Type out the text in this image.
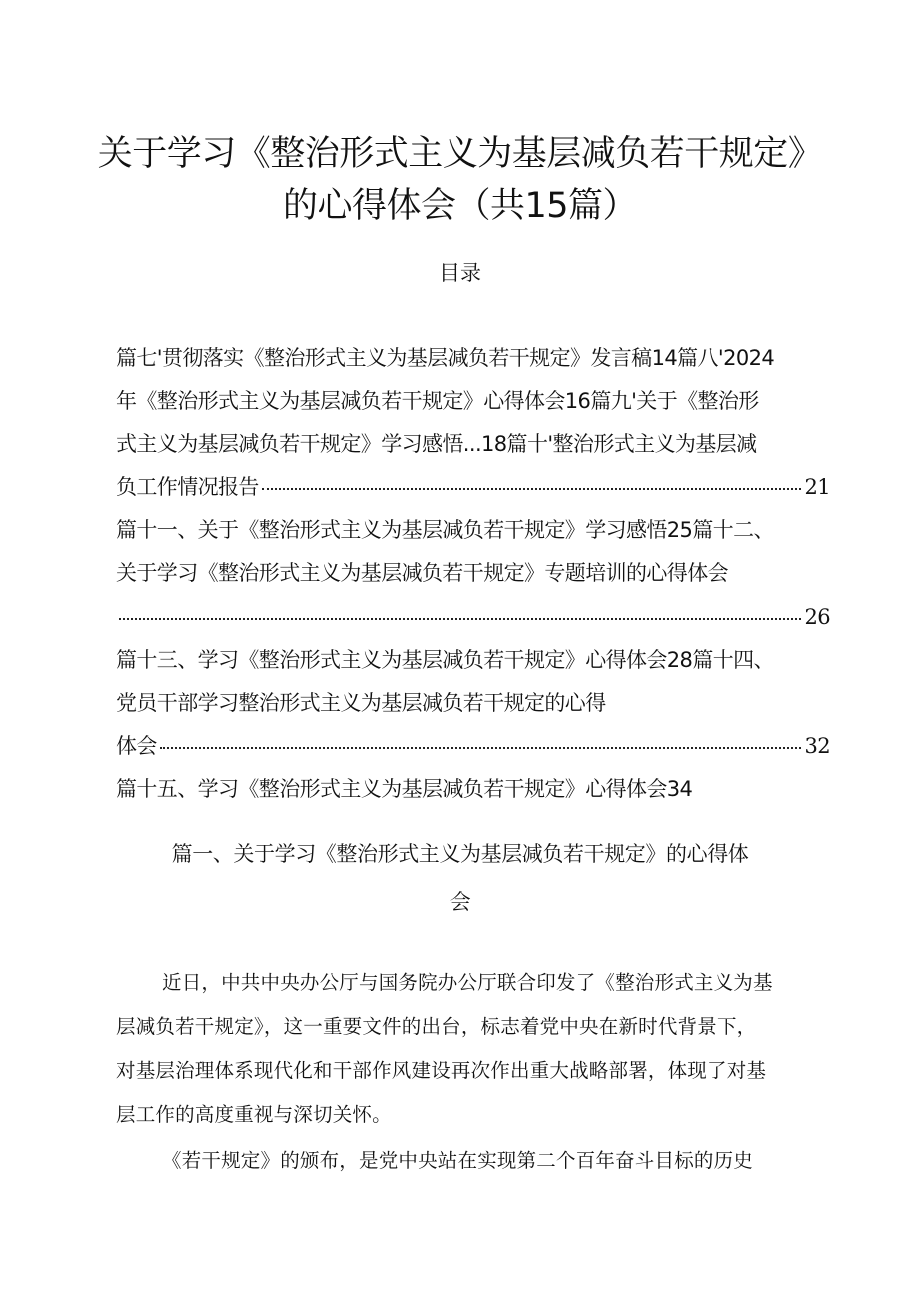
关于学习《整治形式主义为基层减负若干规定》
的心得体会（共15篇）
目录
篇七'贯彻落实《整治形式主义为基层减负若干规定》发言稿14篇八'2024
年《整治形式主义为基层减负若干规定》心得体会16篇九'关于《整治形
式主义为基层减负若干规定》学习感悟...18篇十'整治形式主义为基层减
负工作情况报告	21
篇十一、关于《整治形式主义为基层减负若干规定》学习感悟25篇十二、
关于学习《整治形式主义为基层减负若干规定》专题培训的心得体会
26
篇十三、学习《整治形式主义为基层减负若干规定》心得体会28篇十四、
党员干部学习整治形式主义为基层减负若干规定的心得
体会	32
篇十五、学习《整治形式主义为基层减负若干规定》心得体会34
篇一、关于学习《整治形式主义为基层减负若干规定》的心得体
会
近日，中共中央办公厅与国务院办公厅联合印发了《整治形式主义为基
层减负若干规定》，这一重要文件的出台，标志着党中央在新时代背景下，
对基层治理体系现代化和干部作风建设再次作出重大战略部署，体现了对基
层工作的高度重视与深切关怀。
《若干规定》的颁布，是党中央站在实现第二个百年奋斗目标的历史
